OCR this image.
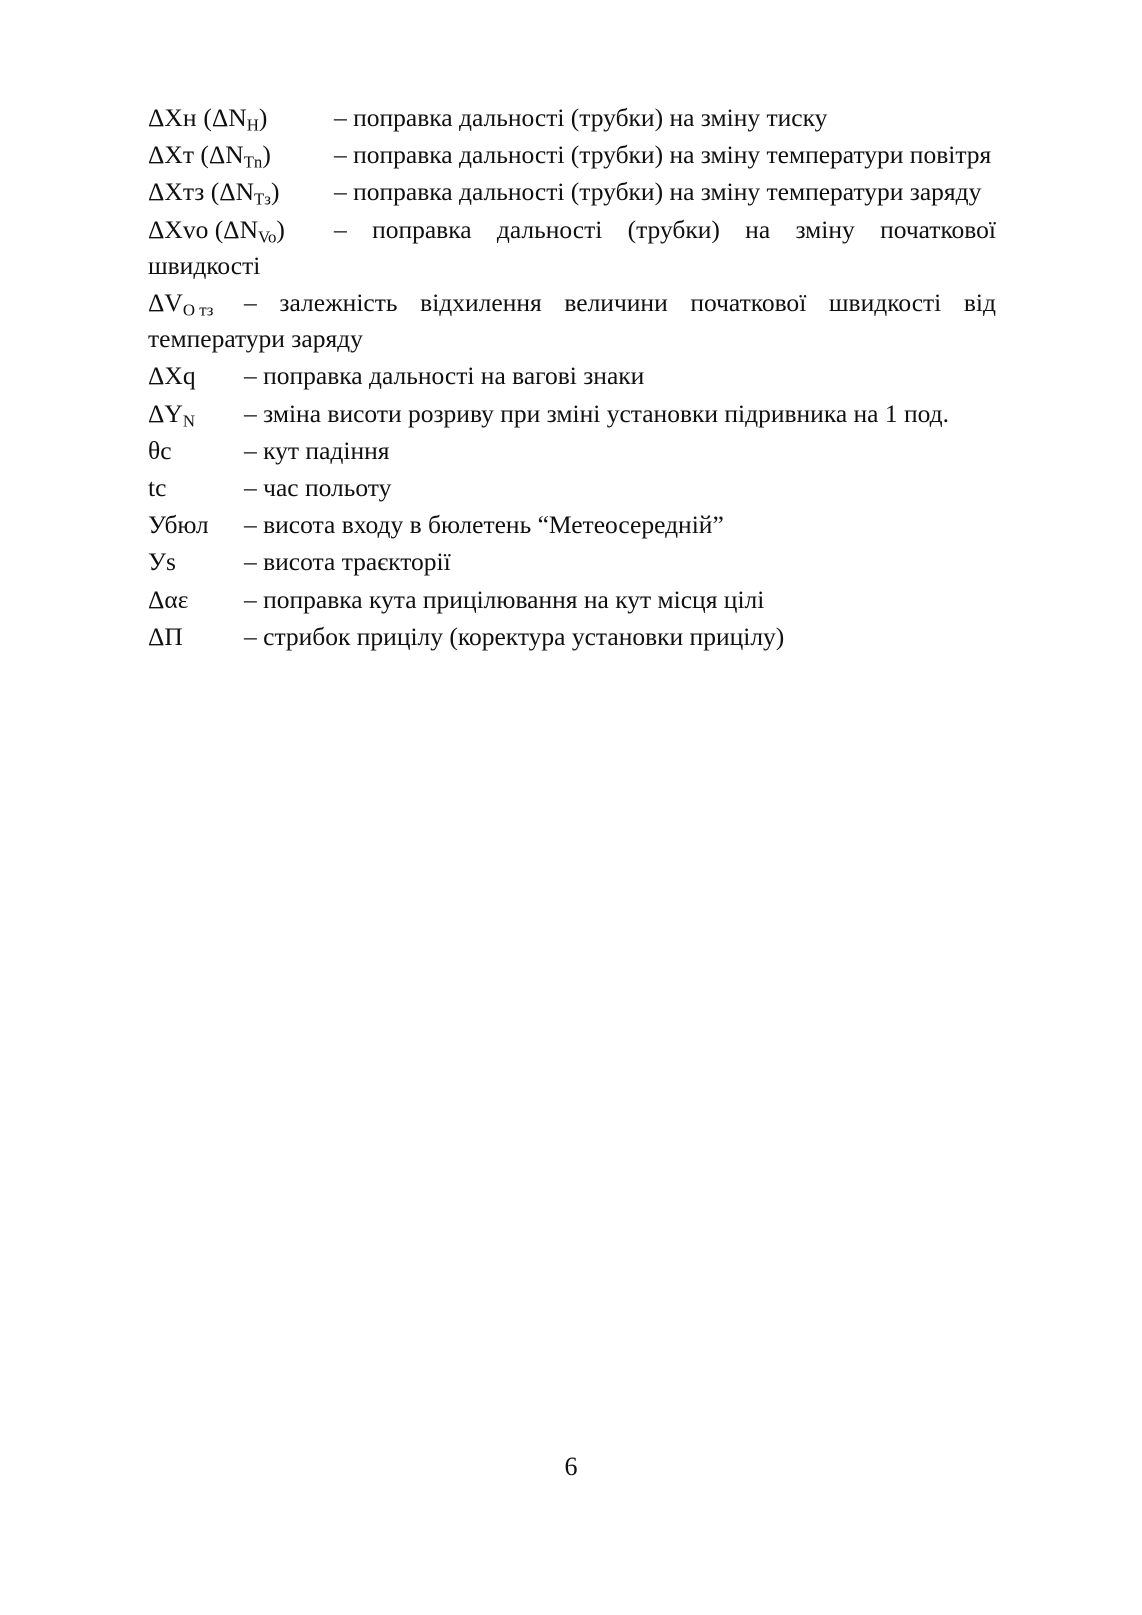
ΔXн $(\Delta N_H)$	– поправка дальності (трубки) на зміну тиску
ΔXт $(\Delta N_{Tn})$	– поправка дальності (трубки) на зміну температури повітря
ΔXтз $(\Delta N_{Tз})$	– поправка дальності (трубки) на зміну температури заряду
ΔXvo $(\Delta N_{Vo})$ – поправка дальності (трубки) на зміну початкової швидкості
$\Delta V_{O тз}$ – залежність відхилення величини початкової швидкості від температури заряду
ΔXq	– поправка дальності на вагові знаки
$\Delta Y_N$	– зміна висоти розриву при зміні установки підривника на 1 под.
θc	– кут падіння
tc	– час польоту
Убюл	– висота входу в бюлетень “Метеосередній”
Уs	– висота траєкторії
Δαε	– поправка кута прицілювання на кут місця цілі
ΔП	– стрибок прицілу (коректура установки прицілу)
6
